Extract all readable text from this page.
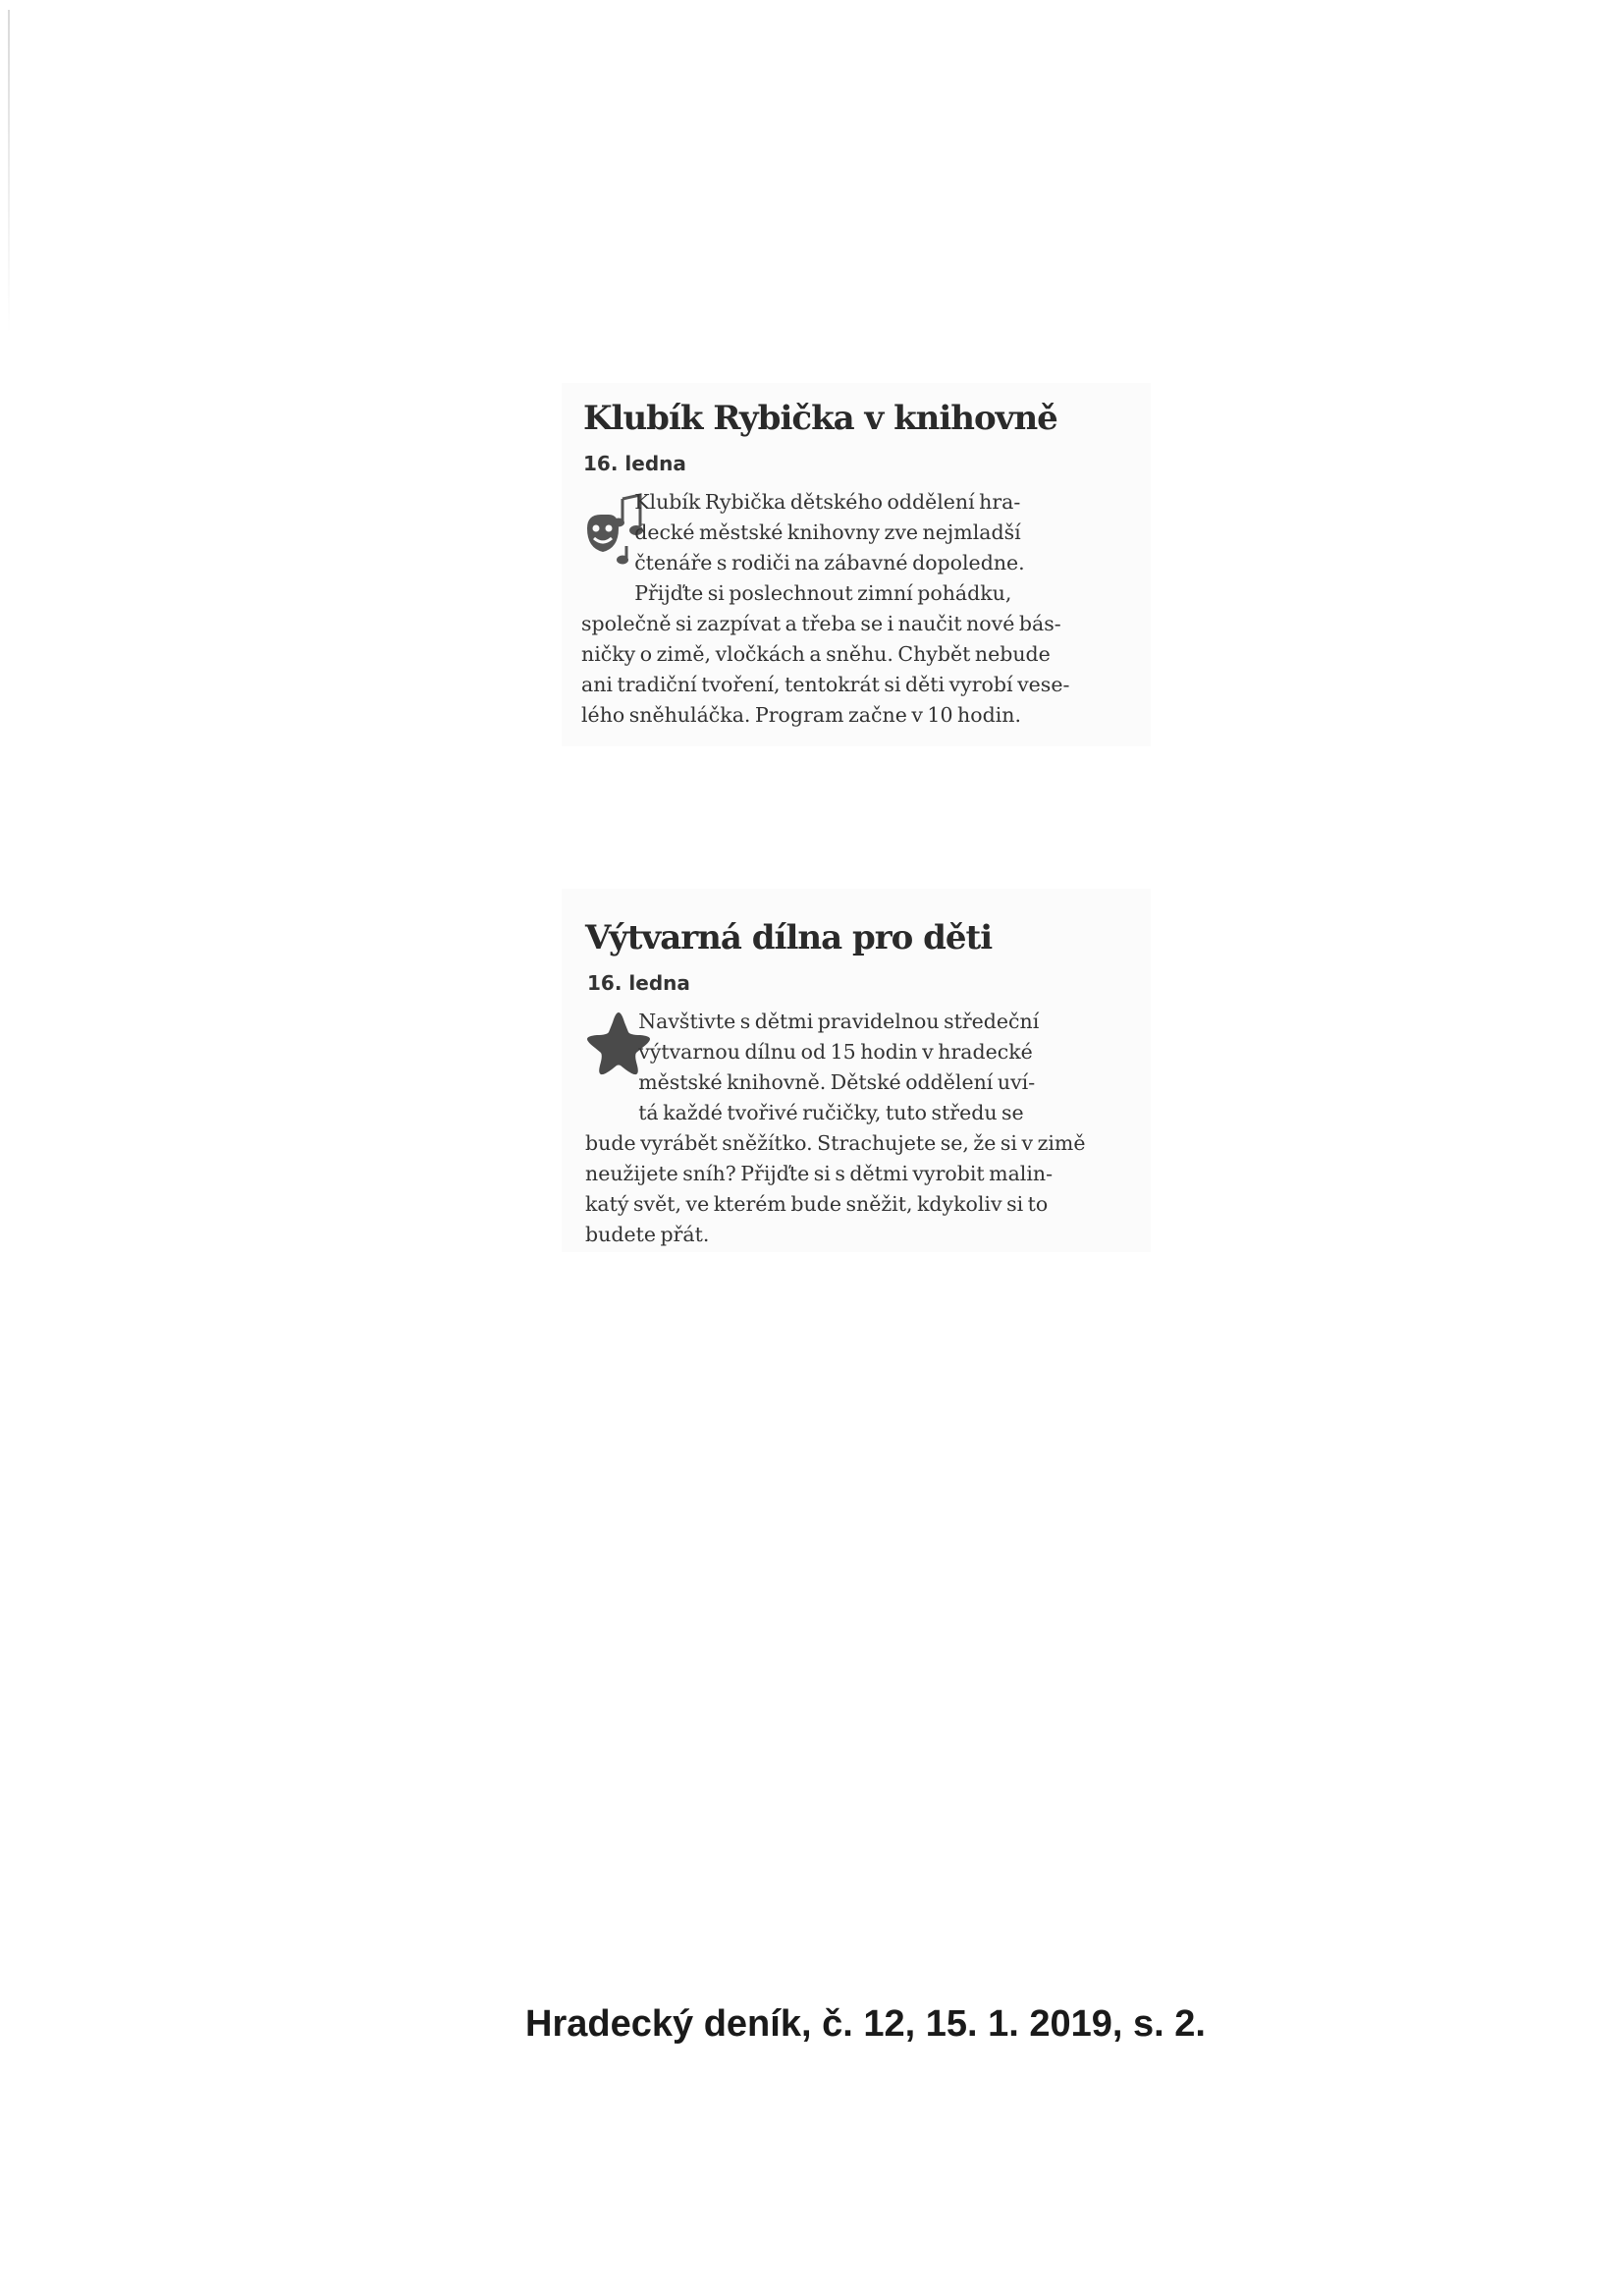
Klubík Rybička v knihovně
16. ledna
Klubík Rybička dětského oddělení hra-
decké městské knihovny zve nejmladší
čtenáře s rodiči na zábavné dopoledne.
Přijďte si poslechnout zimní pohádku,
společně si zazpívat a třeba se i naučit nové bás-
ničky o zimě, vločkách a sněhu. Chybět nebude
ani tradiční tvoření, tentokrát si děti vyrobí vese-
lého sněhuláčka. Program začne v 10 hodin.
Výtvarná dílna pro děti
16. ledna
Navštivte s dětmi pravidelnou středeční
výtvarnou dílnu od 15 hodin v hradecké
městské knihovně. Dětské oddělení uví-
tá každé tvořivé ručičky, tuto středu se
bude vyrábět sněžítko. Strachujete se, že si v zimě
neužijete sníh? Přijďte si s dětmi vyrobit malin-
katý svět, ve kterém bude sněžit, kdykoliv si to
budete přát.

Hradecký deník, č. 12, 15. 1. 2019, s. 2.
